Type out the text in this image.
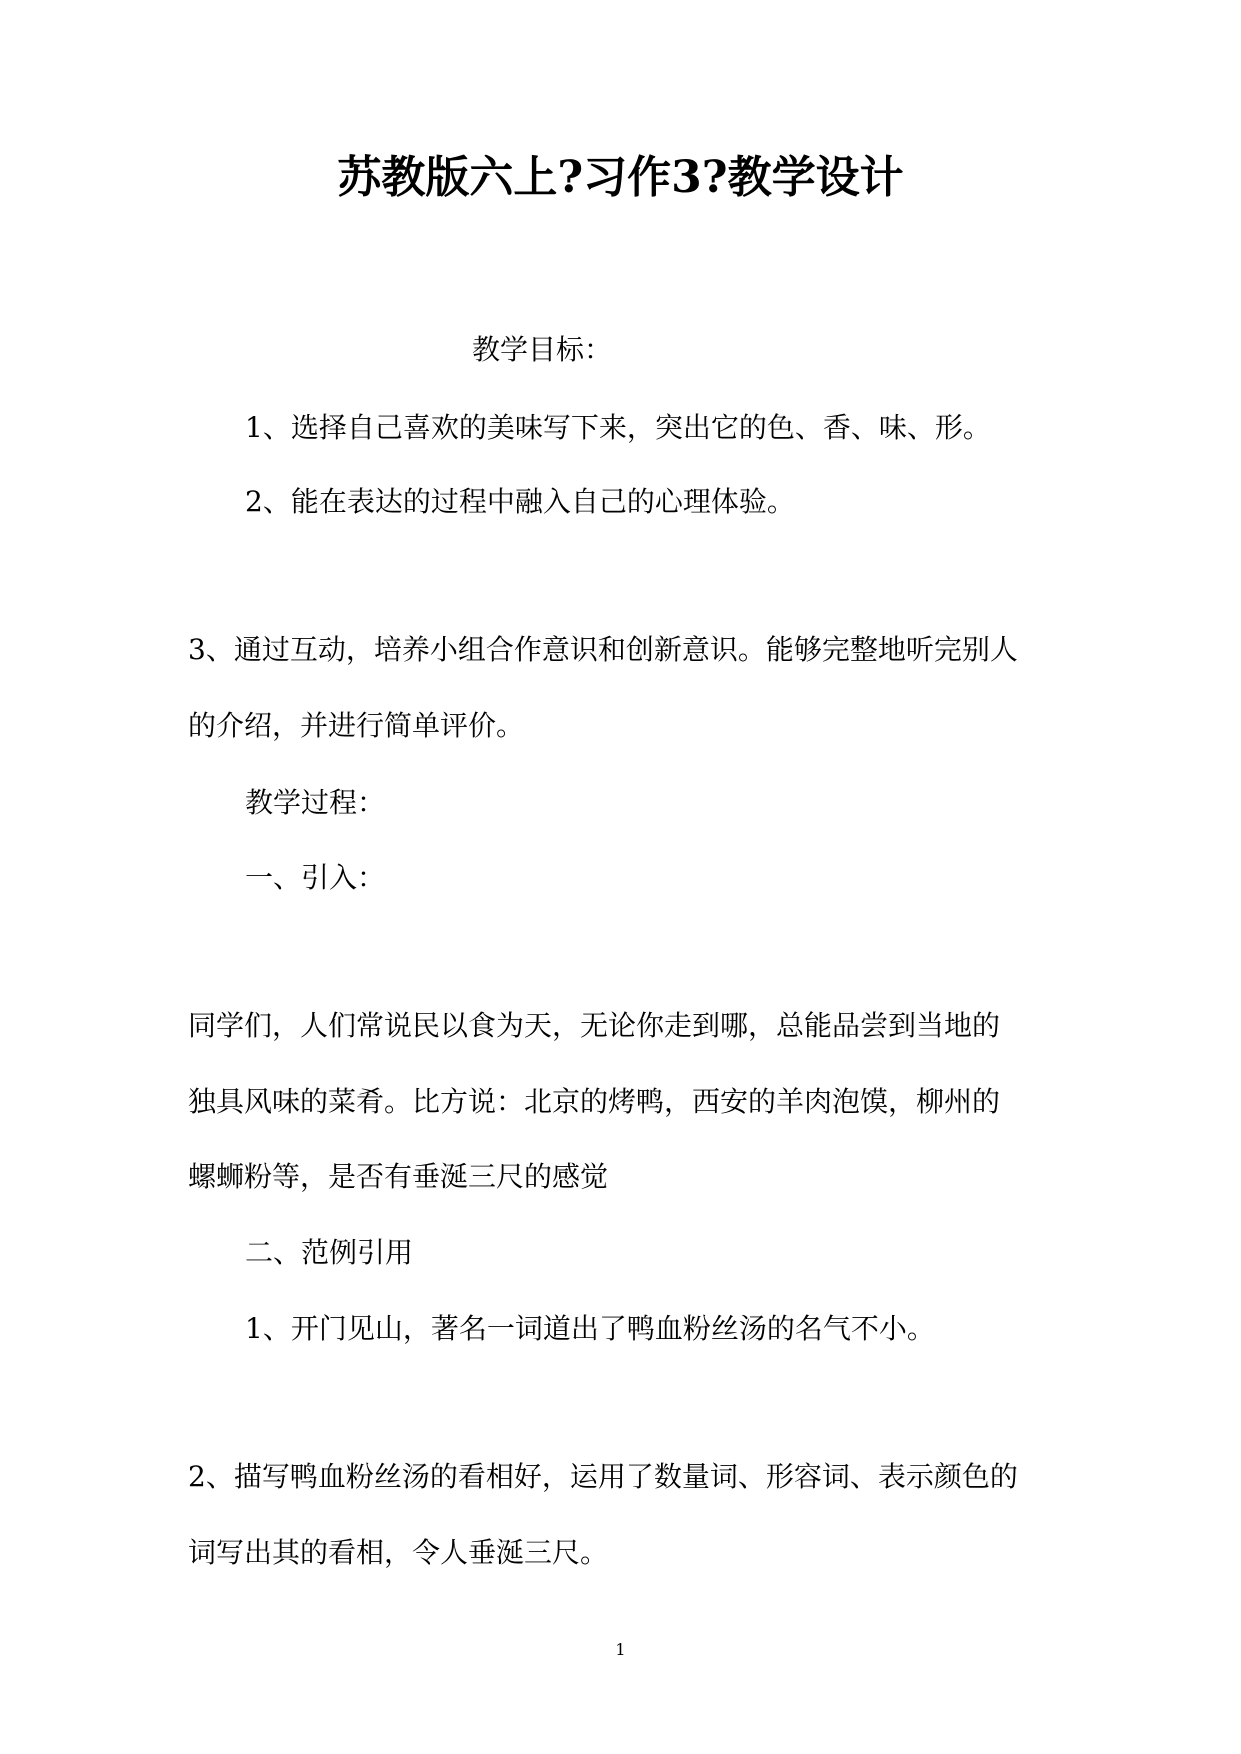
苏教版六上?习作3?教学设计
教学目标：
1、选择自己喜欢的美味写下来，突出它的色、香、味、形。
2、能在表达的过程中融入自己的心理体验。
3、通过互动，培养小组合作意识和创新意识。能够完整地听完别人
的介绍，并进行简单评价。
教学过程：
一、引入：
同学们，人们常说民以食为天，无论你走到哪，总能品尝到当地的
独具风味的菜肴。比方说：北京的烤鸭，西安的羊肉泡馍，柳州的
螺蛳粉等，是否有垂涎三尺的感觉
二、范例引用
1、开门见山，著名一词道出了鸭血粉丝汤的名气不小。
2、描写鸭血粉丝汤的看相好，运用了数量词、形容词、表示颜色的
词写出其的看相，令人垂涎三尺。
1
